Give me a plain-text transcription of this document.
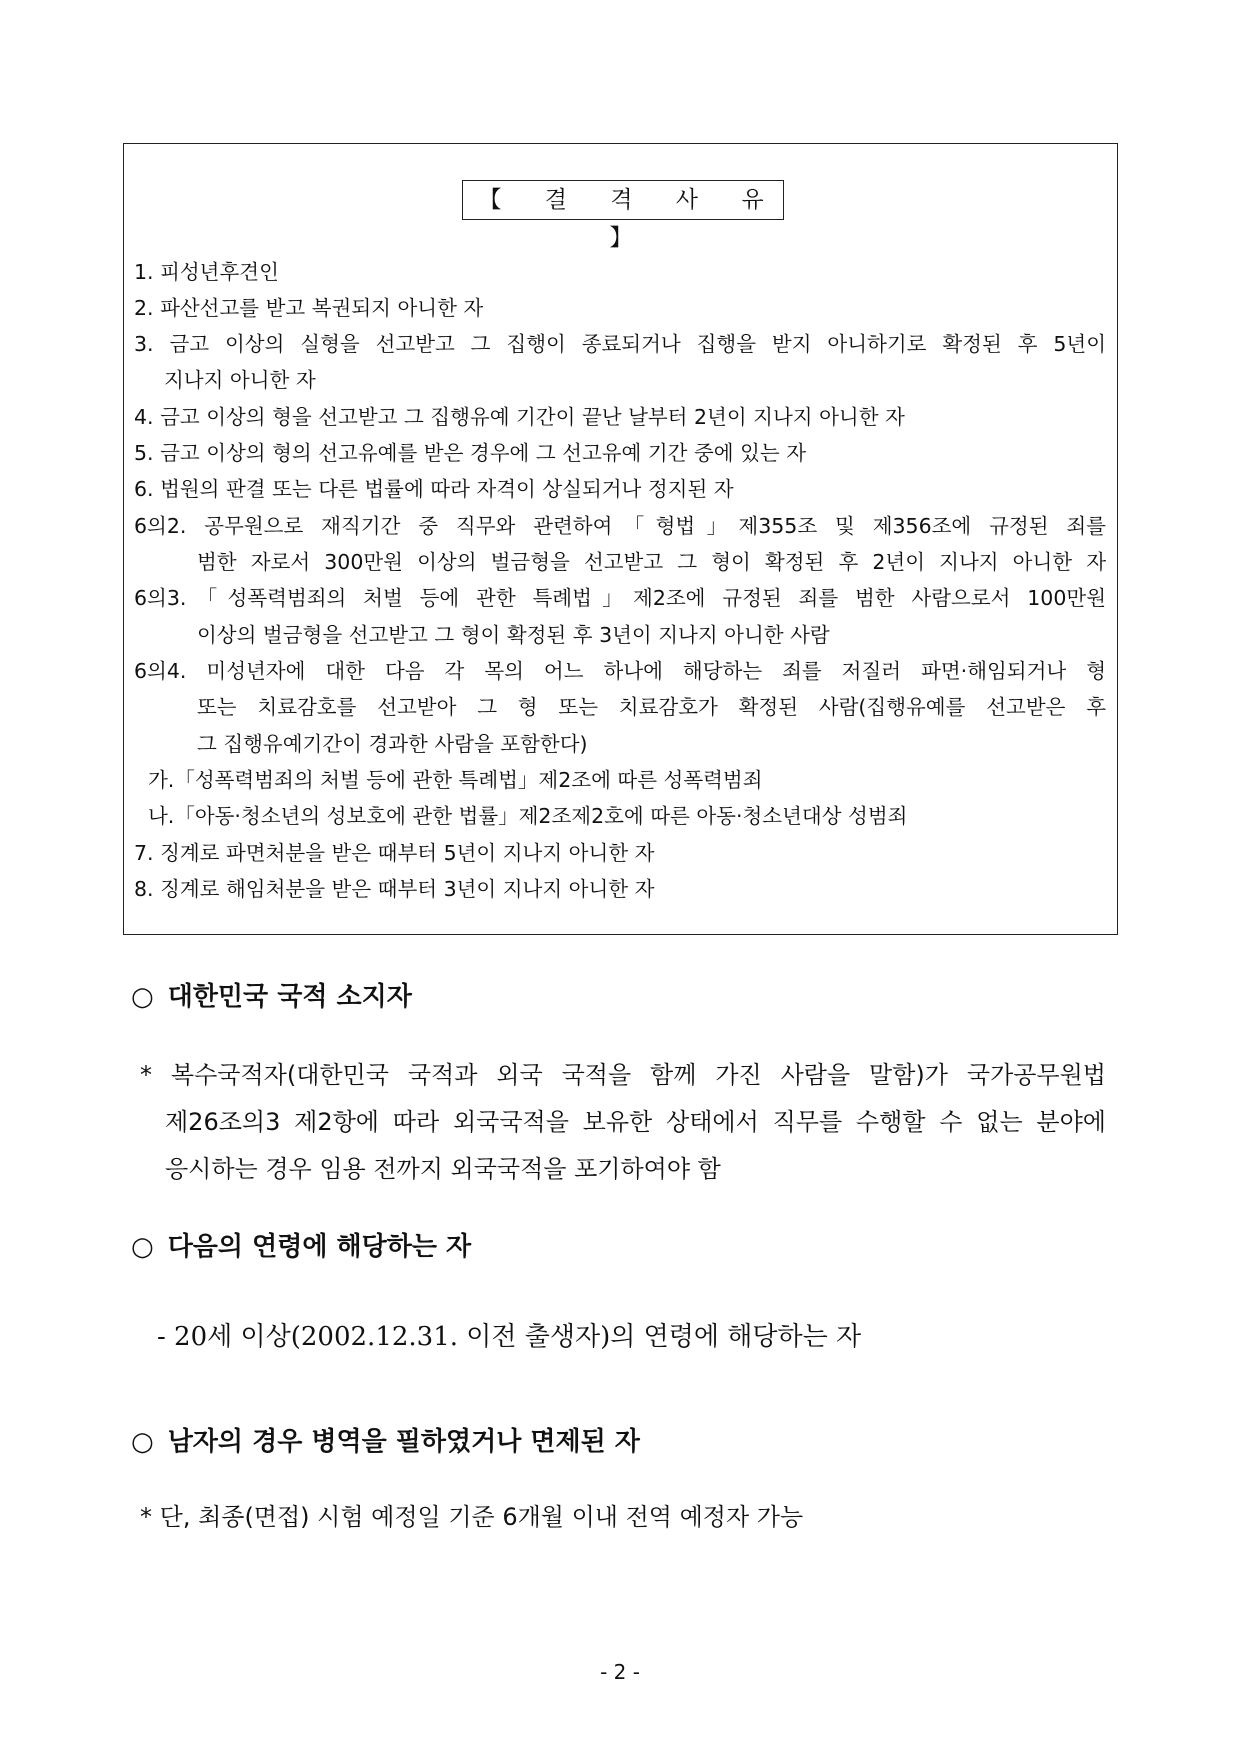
【 결 격 사 유 】
1. 피성년후견인
2. 파산선고를 받고 복권되지 아니한 자
3. 금고 이상의 실형을 선고받고 그 집행이 종료되거나 집행을 받지 아니하기로 확정된 후 5년이
지나지 아니한 자
4. 금고 이상의 형을 선고받고 그 집행유예 기간이 끝난 날부터 2년이 지나지 아니한 자
5. 금고 이상의 형의 선고유예를 받은 경우에 그 선고유예 기간 중에 있는 자
6. 법원의 판결 또는 다른 법률에 따라 자격이 상실되거나 정지된 자
6의2. 공무원으로 재직기간 중 직무와 관련하여「형법」제355조 및 제356조에 규정된 죄를
범한 자로서 300만원 이상의 벌금형을 선고받고 그 형이 확정된 후 2년이 지나지 아니한 자
6의3.「성폭력범죄의 처벌 등에 관한 특례법」제2조에 규정된 죄를 범한 사람으로서 100만원
이상의 벌금형을 선고받고 그 형이 확정된 후 3년이 지나지 아니한 사람
6의4. 미성년자에 대한 다음 각 목의 어느 하나에 해당하는 죄를 저질러 파면·해임되거나 형
또는 치료감호를 선고받아 그 형 또는 치료감호가 확정된 사람(집행유예를 선고받은 후
그 집행유예기간이 경과한 사람을 포함한다)
가.「성폭력범죄의 처벌 등에 관한 특례법」제2조에 따른 성폭력범죄
나.「아동·청소년의 성보호에 관한 법률」제2조제2호에 따른 아동·청소년대상 성범죄
7. 징계로 파면처분을 받은 때부터 5년이 지나지 아니한 자
8. 징계로 해임처분을 받은 때부터 3년이 지나지 아니한 자
○ 대한민국 국적 소지자
* 복수국적자(대한민국 국적과 외국 국적을 함께 가진 사람을 말함)가 국가공무원법
제26조의3 제2항에 따라 외국국적을 보유한 상태에서 직무를 수행할 수 없는 분야에
응시하는 경우 임용 전까지 외국국적을 포기하여야 함
○ 다음의 연령에 해당하는 자
- 20세 이상(2002.12.31. 이전 출생자)의 연령에 해당하는 자
○ 남자의 경우 병역을 필하였거나 면제된 자
* 단, 최종(면접) 시험 예정일 기준 6개월 이내 전역 예정자 가능
- 2 -
